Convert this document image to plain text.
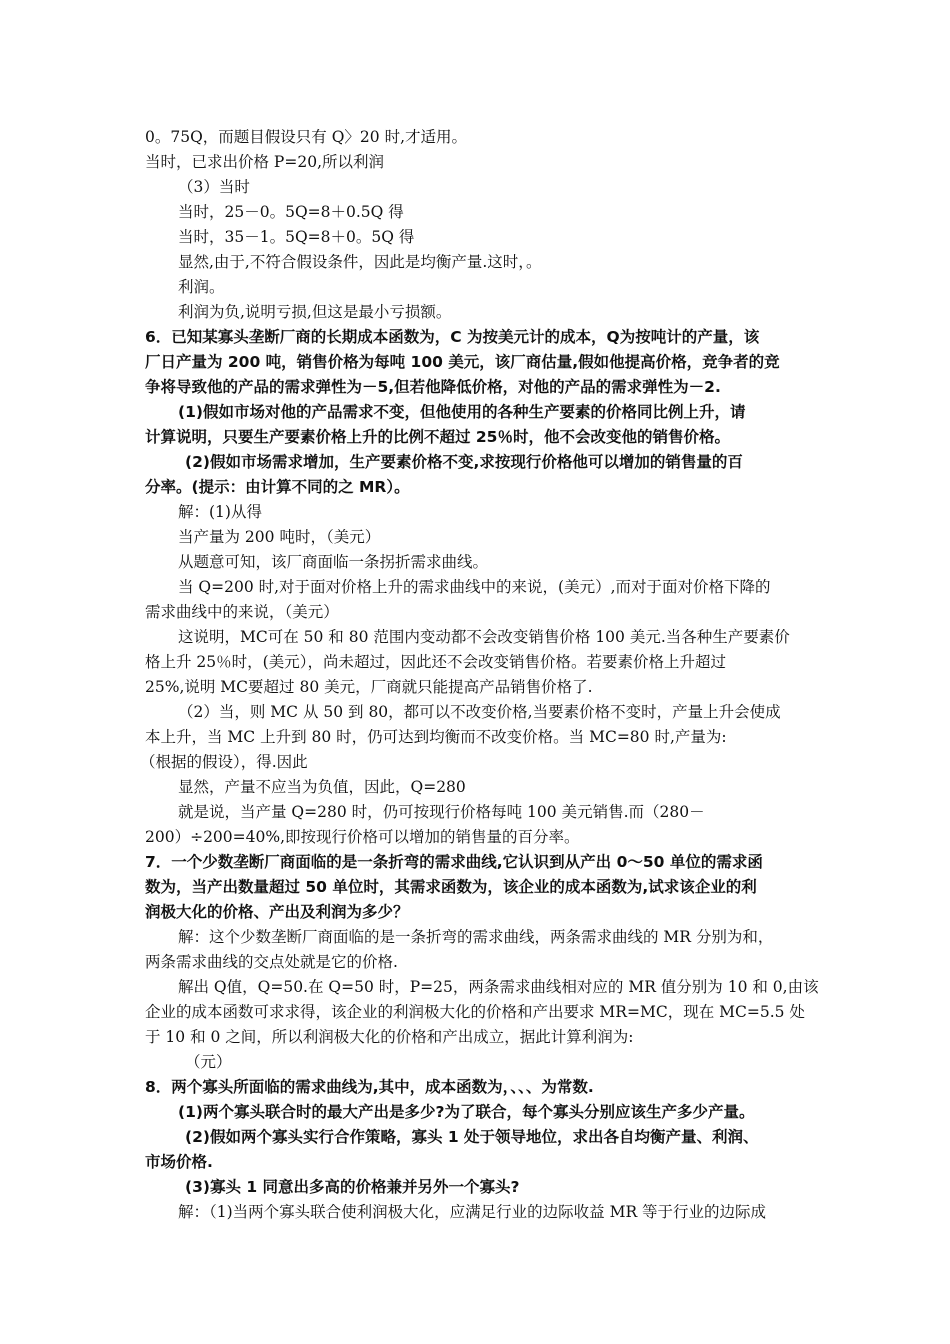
0。75Q，而题目假设只有 Q〉20 时,才适用。
当时，已求出价格 P=20,所以利润
（3）当时
当时，25－0。5Q=8＋0.5Q 得
当时，35－1。5Q=8＋0。5Q 得
显然,由于,不符合假设条件，因此是均衡产量.这时，。
利润。
利润为负,说明亏损,但这是最小亏损额。
6．已知某寡头垄断厂商的长期成本函数为，C 为按美元计的成本，Q为按吨计的产量，该
厂日产量为 200 吨，销售价格为每吨 100 美元，该厂商估量,假如他提高价格，竞争者的竞
争将导致他的产品的需求弹性为－5,但若他降低价格，对他的产品的需求弹性为－2.
(1)假如市场对他的产品需求不变，但他使用的各种生产要素的价格同比例上升，请
计算说明，只要生产要素价格上升的比例不超过 25％时，他不会改变他的销售价格。
(2)假如市场需求增加，生产要素价格不变,求按现行价格他可以增加的销售量的百
分率。(提示：由计算不同的之 MR）。
解：(1)从得
当产量为 200 吨时，（美元）
从题意可知，该厂商面临一条拐折需求曲线。
当 Q=200 时,对于面对价格上升的需求曲线中的来说，(美元）,而对于面对价格下降的
需求曲线中的来说，（美元）
这说明，MC可在 50 和 80 范围内变动都不会改变销售价格 100 美元.当各种生产要素价
格上升 25％时，(美元），尚未超过，因此还不会改变销售价格。若要素价格上升超过
25%,说明 MC要超过 80 美元，厂商就只能提高产品销售价格了.
（2）当，则 MC 从 50 到 80，都可以不改变价格,当要素价格不变时，产量上升会使成
本上升，当 MC 上升到 80 时，仍可达到均衡而不改变价格。当 MC=80 时,产量为:
（根据的假设），得.因此
显然，产量不应当为负值，因此，Q=280
就是说，当产量 Q=280 时，仍可按现行价格每吨 100 美元销售.而（280－
200）÷200=40%,即按现行价格可以增加的销售量的百分率。
7．一个少数垄断厂商面临的是一条折弯的需求曲线,它认识到从产出 0～50 单位的需求函
数为，当产出数量超过 50 单位时，其需求函数为，该企业的成本函数为,试求该企业的利
润极大化的价格、产出及利润为多少？
解：这个少数垄断厂商面临的是一条折弯的需求曲线，两条需求曲线的 MR 分别为和，
两条需求曲线的交点处就是它的价格.
解出 Q值，Q=50.在 Q=50 时，P=25，两条需求曲线相对应的 MR 值分别为 10 和 0,由该
企业的成本函数可求求得，该企业的利润极大化的价格和产出要求 MR=MC，现在 MC=5.5 处
于 10 和 0 之间，所以利润极大化的价格和产出成立，据此计算利润为:
（元）
8．两个寡头所面临的需求曲线为,其中，成本函数为，、、、为常数.
(1)两个寡头联合时的最大产出是多少?为了联合，每个寡头分别应该生产多少产量。
(2)假如两个寡头实行合作策略，寡头 1 处于领导地位，求出各自均衡产量、利润、
市场价格.
(3)寡头 1 同意出多高的价格兼并另外一个寡头?
解：（1)当两个寡头联合使利润极大化，应满足行业的边际收益 MR 等于行业的边际成
